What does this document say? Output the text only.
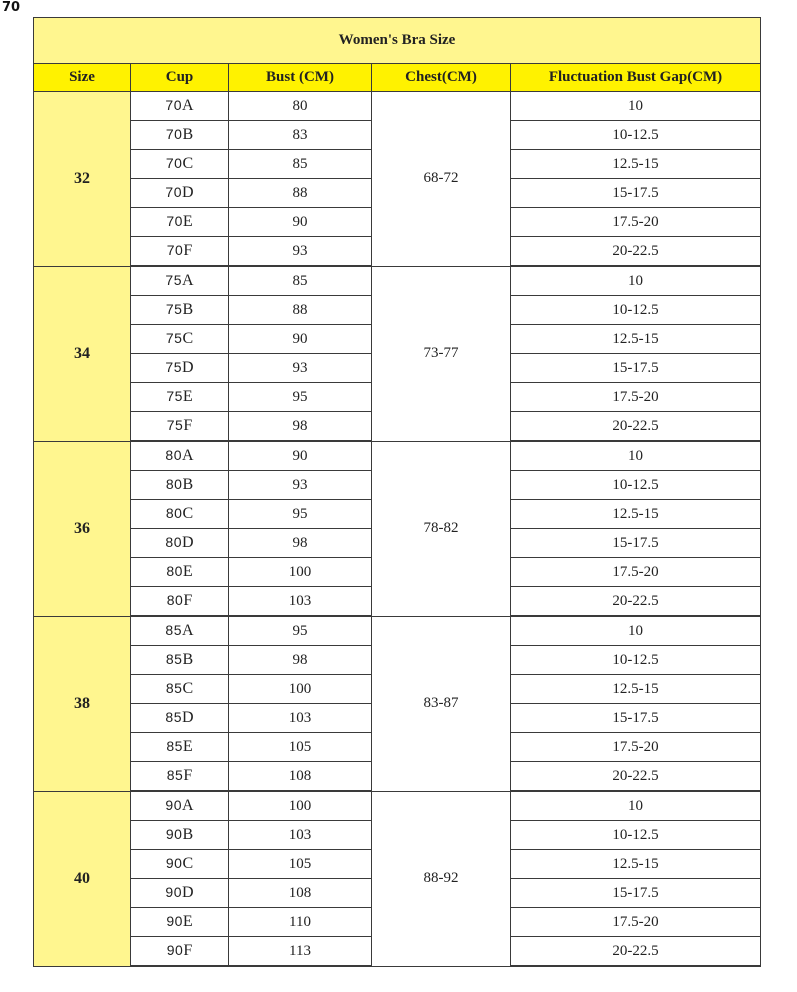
70
Women's Bra Size				
Size	Cup	Bust (CM)	Chest(CM)	Fluctuation Bust Gap(CM)
32	70A	80	68-72	10
	70B	83		10-12.5
	70C	85		12.5-15
	70D	88		15-17.5
	70E	90		17.5-20
	70F	93		20-22.5
34	75A	85	73-77	10
	75B	88		10-12.5
	75C	90		12.5-15
	75D	93		15-17.5
	75E	95		17.5-20
	75F	98		20-22.5
36	80A	90	78-82	10
	80B	93		10-12.5
	80C	95		12.5-15
	80D	98		15-17.5
	80E	100		17.5-20
	80F	103		20-22.5
38	85A	95	83-87	10
	85B	98		10-12.5
	85C	100		12.5-15
	85D	103		15-17.5
	85E	105		17.5-20
	85F	108		20-22.5
40	90A	100	88-92	10
	90B	103		10-12.5
	90C	105		12.5-15
	90D	108		15-17.5
	90E	110		17.5-20
	90F	113		20-22.5
